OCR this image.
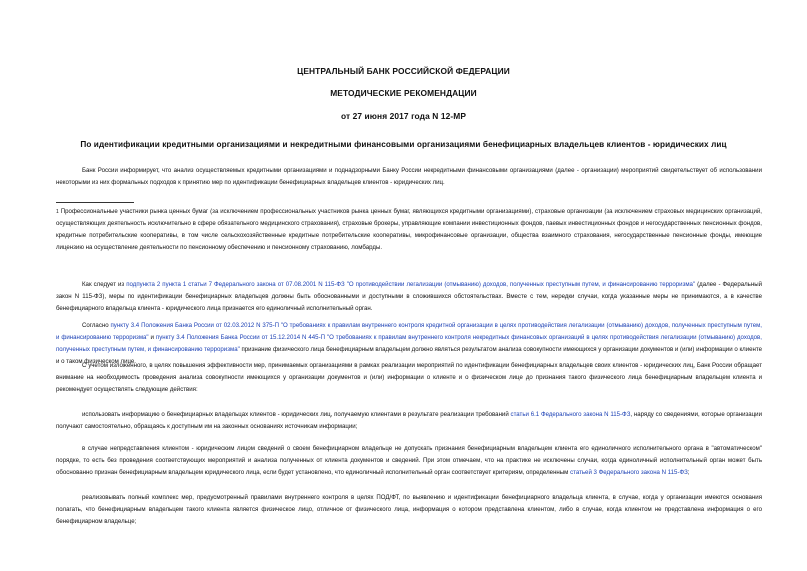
ЦЕНТРАЛЬНЫЙ БАНК РОССИЙСКОЙ ФЕДЕРАЦИИ
МЕТОДИЧЕСКИЕ РЕКОМЕНДАЦИИ
от 27 июня 2017 года N 12-МР
По идентификации кредитными организациями и некредитными финансовыми организациями бенефициарных владельцев клиентов - юридических лиц

Банк России информирует, что анализ осуществляемых кредитными организациями и поднадзорными Банку России некредитными финансовыми организациями (далее - организации) мероприятий свидетельствует об использовании некоторыми из них формальных подходов к принятию мер по идентификации бенефициарных владельцев клиентов - юридических лиц.

$^1$ Профессиональные участники рынка ценных бумаг (за исключением профессиональных участников рынка ценных бумаг, являющихся кредитными организациями), страховые организации (за исключением страховых медицинских организаций, осуществляющих деятельность исключительно в сфере обязательного медицинского страхования), страховые брокеры, управляющие компании инвестиционных фондов, паевых инвестиционных фондов и негосударственных пенсионных фондов, кредитные потребительские кооперативы, в том числе сельскохозяйственные кредитные потребительские кооперативы, микрофинансовые организации, общества взаимного страхования, негосударственные пенсионные фонды, имеющие лицензию на осуществление деятельности по пенсионному обеспечению и пенсионному страхованию, ломбарды.

Как следует из подпункта 2 пункта 1 статьи 7 Федерального закона от 07.08.2001 N 115-ФЗ "О противодействии легализации (отмыванию) доходов, полученных преступным путем, и финансированию терроризма" (далее - Федеральный закон N 115-ФЗ), меры по идентификации бенефициарных владельцев должны быть обоснованными и доступными в сложившихся обстоятельствах. Вместе с тем, нередки случаи, когда указанные меры не принимаются, а в качестве бенефициарного владельца клиента - юридического лица признается его единоличный исполнительный орган.

Согласно пункту 3.4 Положения Банка России от 02.03.2012 N 375-П "О требованиях к правилам внутреннего контроля кредитной организации в целях противодействия легализации (отмыванию) доходов, полученных преступным путем, и финансированию терроризма" и пункту 3.4 Положения Банка России от 15.12.2014 N 445-П "О требованиях к правилам внутреннего контроля некредитных финансовых организаций в целях противодействия легализации (отмыванию) доходов, полученных преступным путем, и финансированию терроризма" признание физического лица бенефициарным владельцем должно являться результатом анализа совокупности имеющихся у организации документов и (или) информации о клиенте и о таком физическом лице.

С учетом изложенного, в целях повышения эффективности мер, принимаемых организациями в рамках реализации мероприятий по идентификации бенефициарных владельцев своих клиентов - юридических лиц, Банк России обращает внимание на необходимость проведения анализа совокупности имеющихся у организации документов и (или) информации о клиенте и о физическом лице до признания такого физического лица бенефициарным владельцем клиента и рекомендует осуществлять следующие действия:

использовать информацию о бенефициарных владельцах клиентов - юридических лиц, получаемую клиентами в результате реализации требований статьи 6.1 Федерального закона N 115-ФЗ, наряду со сведениями, которые организации получают самостоятельно, обращаясь к доступным им на законных основаниях источникам информации;

в случае непредставления клиентом - юридическим лицом сведений о своем бенефициарном владельце не допускать признания бенефициарным владельцем клиента его единоличного исполнительного органа в "автоматическом" порядке, то есть без проведения соответствующих мероприятий и анализа полученных от клиента документов и сведений. При этом отмечаем, что на практике не исключены случаи, когда единоличный исполнительный орган может быть обоснованно признан бенефициарным владельцем юридического лица, если будет установлено, что единоличный исполнительный орган соответствует критериям, определенным статьей 3 Федерального закона N 115-ФЗ;

реализовывать полный комплекс мер, предусмотренный правилами внутреннего контроля в целях ПОД/ФТ, по выявлению и идентификации бенефициарного владельца клиента, в случае, когда у организации имеются основания полагать, что бенефициарным владельцем такого клиента является физическое лицо, отличное от физического лица, информация о котором представлена клиентом, либо в случае, когда клиентом не представлена информация о его бенефициарном владельце;
